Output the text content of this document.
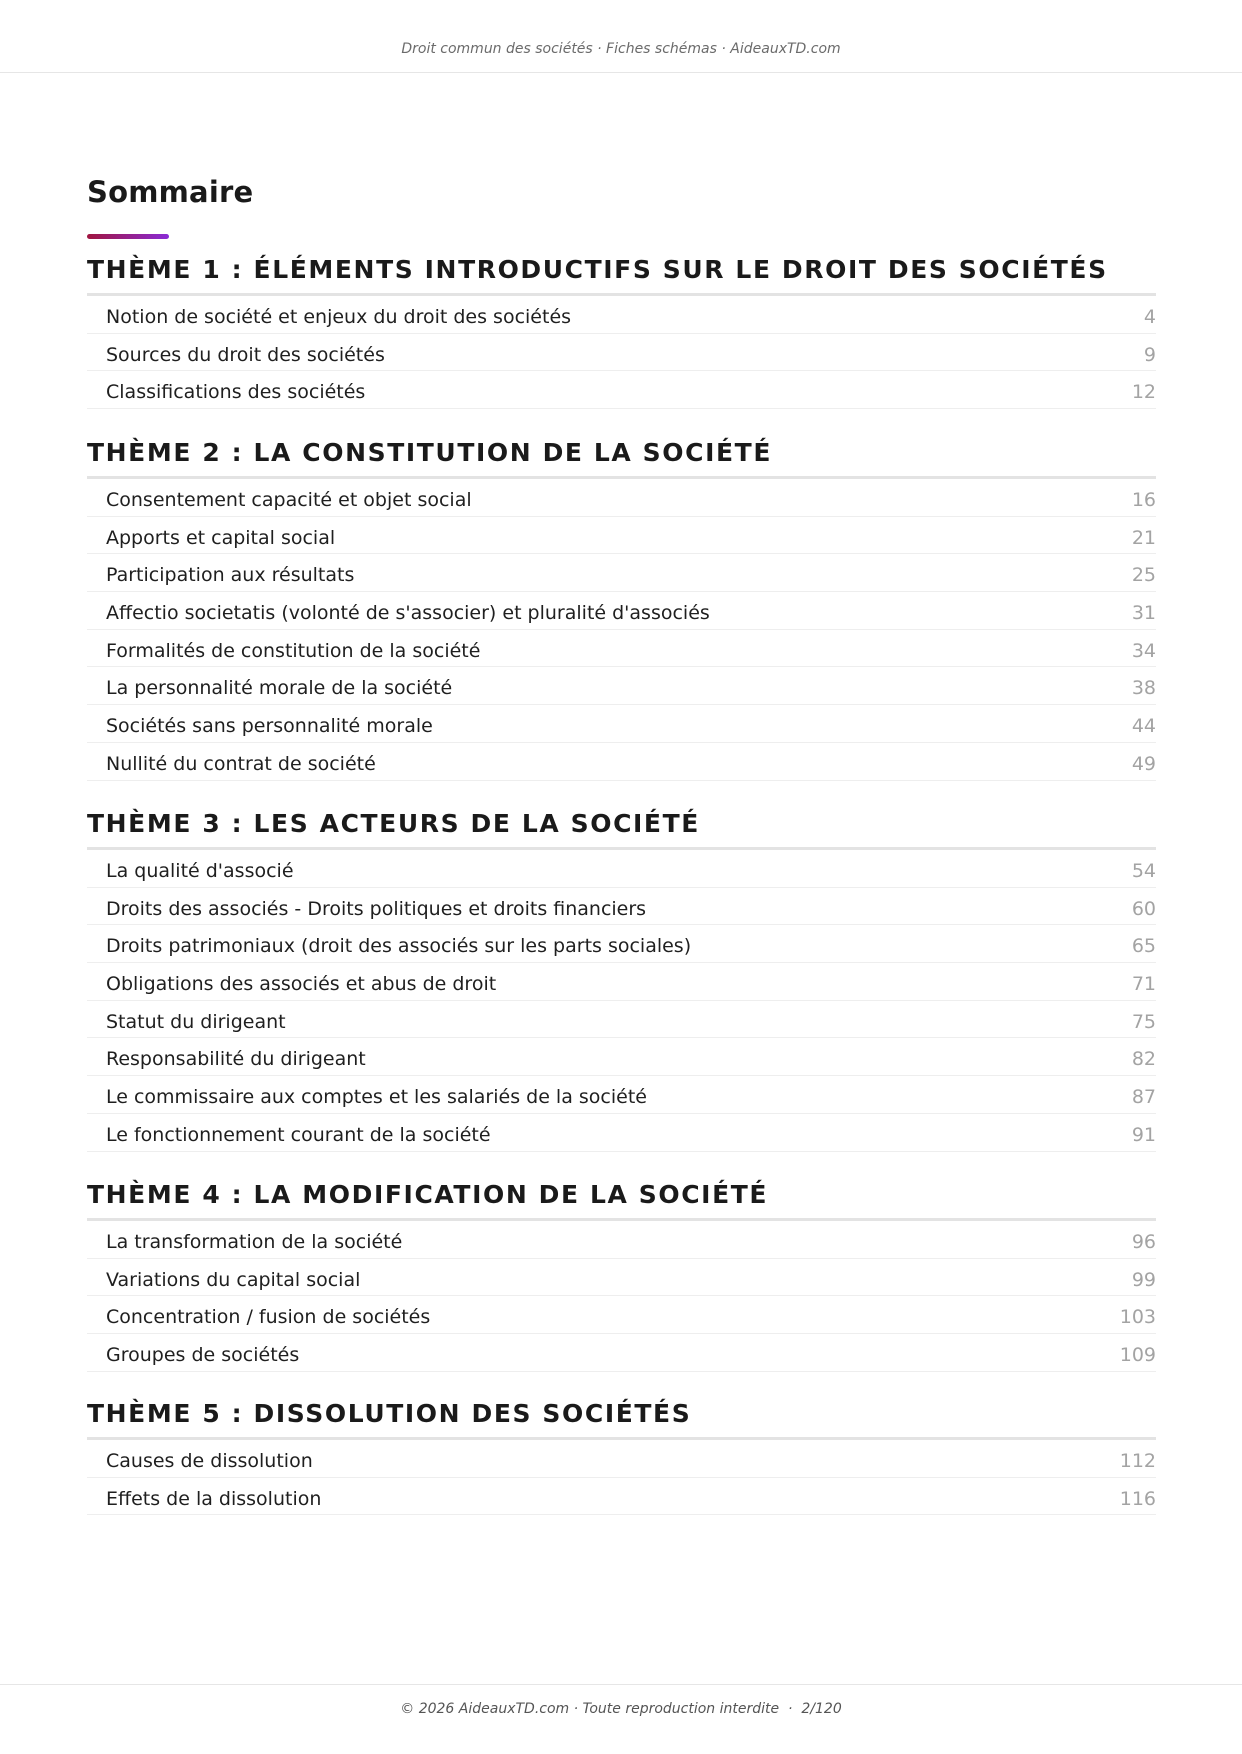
Droit commun des sociétés · Fiches schémas · AideauxTD.com
Sommaire
THÈME 1 : ÉLÉMENTS INTRODUCTIFS SUR LE DROIT DES SOCIÉTÉS
Notion de société et enjeux du droit des sociétés	4
Sources du droit des sociétés	9
Classifications des sociétés	12
THÈME 2 : LA CONSTITUTION DE LA SOCIÉTÉ
Consentement capacité et objet social	16
Apports et capital social	21
Participation aux résultats	25
Affectio societatis (volonté de s'associer) et pluralité d'associés	31
Formalités de constitution de la société	34
La personnalité morale de la société	38
Sociétés sans personnalité morale	44
Nullité du contrat de société	49
THÈME 3 : LES ACTEURS DE LA SOCIÉTÉ
La qualité d'associé	54
Droits des associés - Droits politiques et droits financiers	60
Droits patrimoniaux (droit des associés sur les parts sociales)	65
Obligations des associés et abus de droit	71
Statut du dirigeant	75
Responsabilité du dirigeant	82
Le commissaire aux comptes et les salariés de la société	87
Le fonctionnement courant de la société	91
THÈME 4 : LA MODIFICATION DE LA SOCIÉTÉ
La transformation de la société	96
Variations du capital social	99
Concentration / fusion de sociétés	103
Groupes de sociétés	109
THÈME 5 : DISSOLUTION DES SOCIÉTÉS
Causes de dissolution	112
Effets de la dissolution	116
© 2026 AideauxTD.com · Toute reproduction interdite  ·  2/120
